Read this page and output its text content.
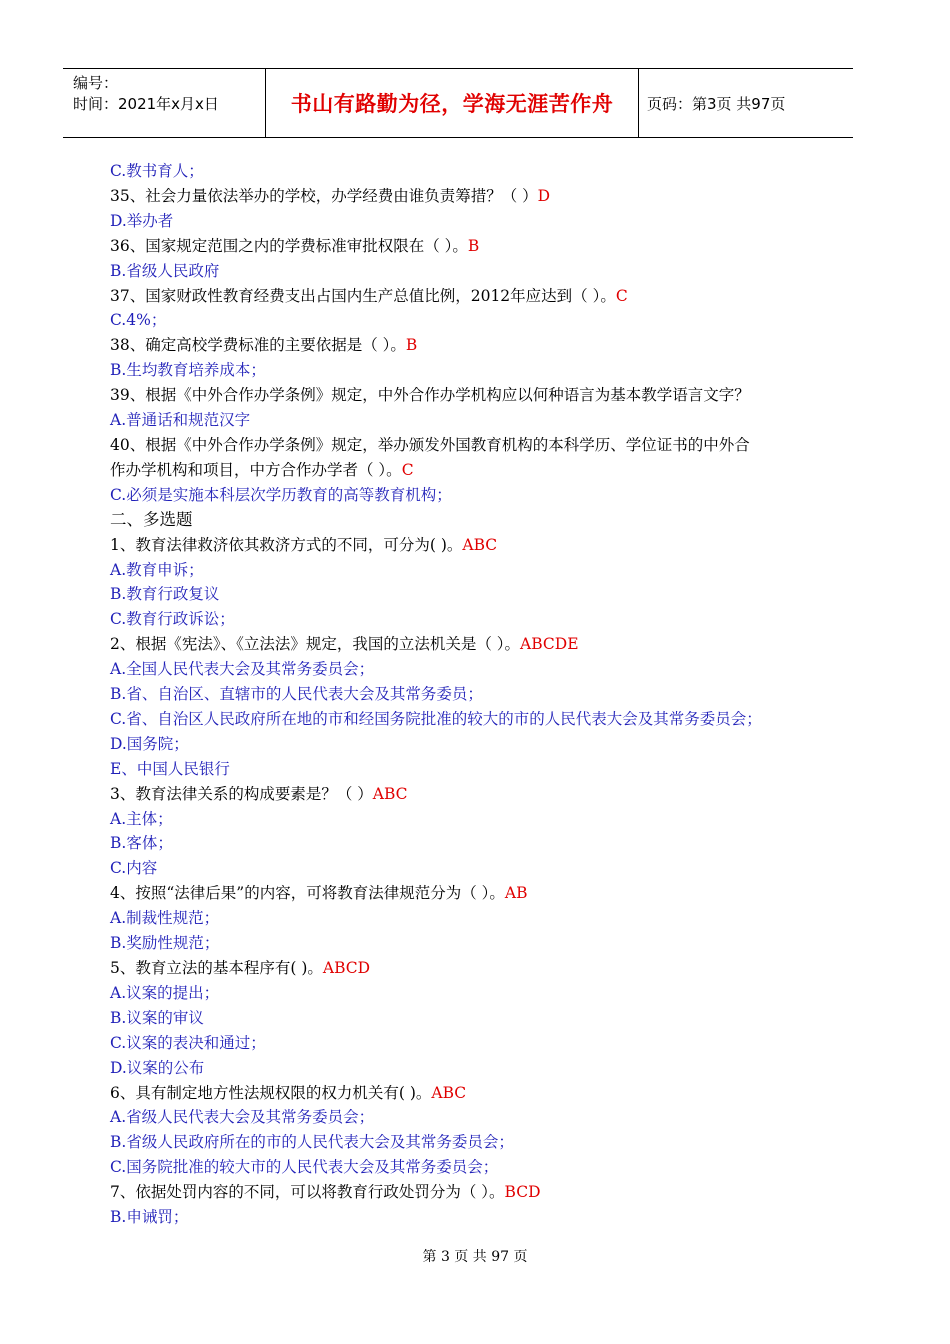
编号：
时间：2021年x月x日	书山有路勤为径，学海无涯苦作舟 页码：第3页 共97页
C.教书育人；
35、社会力量依法举办的学校，办学经费由谁负责筹措？（ ）D
D.举办者
36、国家规定范围之内的学费标准审批权限在（ ）。B
B.省级人民政府
37、国家财政性教育经费支出占国内生产总值比例，2012年应达到（ ）。C
C.4%；
38、确定高校学费标准的主要依据是（ ）。B
B.生均教育培养成本；
39、根据《中外合作办学条例》规定，中外合作办学机构应以何种语言为基本教学语言文字？
A.普通话和规范汉字
40、根据《中外合作办学条例》规定，举办颁发外国教育机构的本科学历、学位证书的中外合
作办学机构和项目，中方合作办学者（ ）。C
C.必须是实施本科层次学历教育的高等教育机构；
二、多选题
1、教育法律救济依其救济方式的不同，可分为( )。ABC
A.教育申诉；
B.教育行政复议
C.教育行政诉讼；
2、根据《宪法》、《立法法》规定，我国的立法机关是（ ）。ABCDE
A.全国人民代表大会及其常务委员会；
B.省、自治区、直辖市的人民代表大会及其常务委员；
C.省、自治区人民政府所在地的市和经国务院批准的较大的市的人民代表大会及其常务委员会；
D.国务院；
E、中国人民银行
3、教育法律关系的构成要素是？（ ）ABC
A.主体；
B.客体；
C.内容
4、按照“法律后果”的内容，可将教育法律规范分为（ ）。AB
A.制裁性规范；
B.奖励性规范；
5、教育立法的基本程序有( )。ABCD
A.议案的提出；
B.议案的审议
C.议案的表决和通过；
D.议案的公布
6、具有制定地方性法规权限的权力机关有( )。ABC
A.省级人民代表大会及其常务委员会；
B.省级人民政府所在的市的人民代表大会及其常务委员会；
C.国务院批准的较大市的人民代表大会及其常务委员会；
7、依据处罚内容的不同，可以将教育行政处罚分为（ ）。BCD
B.申诫罚；
第 3 页 共 97 页
